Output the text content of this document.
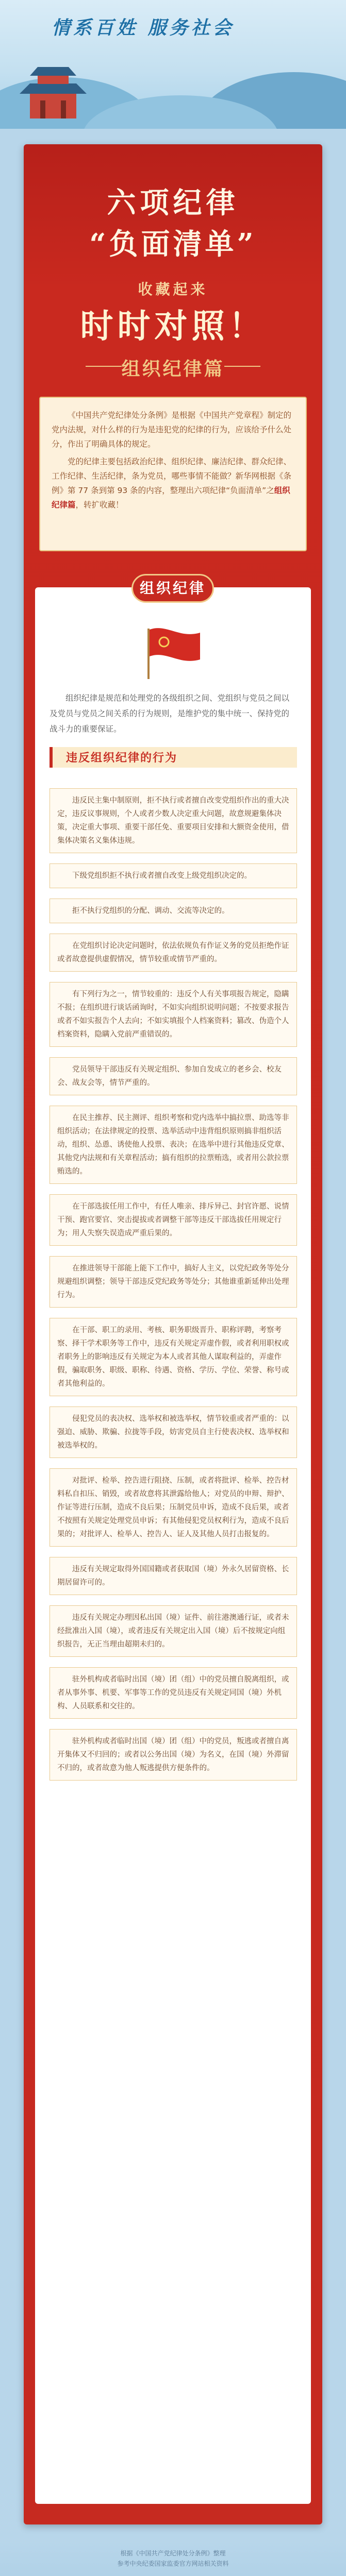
情系百姓 服务社会
六项纪律
“负面清单”
收藏起来
时时对照！
组织纪律篇

《中国共产党纪律处分条例》是根据《中国共产党章程》制定的党内法规，对什么样的行为是违犯党的纪律的行为，应该给予什么处分，作出了明确具体的规定。

党的纪律主要包括政治纪律、组织纪律、廉洁纪律、群众纪律、工作纪律、生活纪律，条为党员，哪些事情不能做？新华网根据《条例》第 77 条到第 93 条的内容，整理出六项纪律“负面清单”之组织纪律篇，转扩收藏！

组织纪律
组织纪律是规范和处理党的各级组织之间、党组织与党员之间以及党员与党员之间关系的行为规则，是维护党的集中统一、保持党的战斗力的重要保证。
违反组织纪律的行为
违反民主集中制原则，拒不执行或者擅自改变党组织作出的重大决定，违反议事规则，个人或者少数人决定重大问题，故意规避集体决策，决定重大事项、重要干部任免、重要项目安排和大额资金使用，借集体决策名义集体违规。
下级党组织拒不执行或者擅自改变上级党组织决定的。
拒不执行党组织的分配、调动、交流等决定的。
在党组织讨论决定问题时，依法依规负有作证义务的党员拒绝作证或者故意提供虚假情况，情节较重或情节严重的。
有下列行为之一，情节较重的：违反个人有关事项报告规定，隐瞒不报；在组织进行谈话函询时，不如实向组织说明问题；不按要求报告或者不如实报告个人去向；不如实填报个人档案资料；篡改、伪造个人档案资料，隐瞒入党前严重错误的。
党员领导干部违反有关规定组织、参加自发成立的老乡会、校友会、战友会等，情节严重的。
在民主推荐、民主测评、组织考察和党内选举中搞拉票、助选等非组织活动；在法律规定的投票、选举活动中违背组织原则搞非组织活动，组织、怂恿、诱使他人投票、表决；在选举中进行其他违反党章、其他党内法规和有关章程活动；搞有组织的拉票贿选，或者用公款拉票贿选的。
在干部选拔任用工作中，有任人唯亲、排斥异己、封官许愿、说情干预、跑官要官、突击提拔或者调整干部等违反干部选拔任用规定行为；用人失察失误造成严重后果的。
在推进领导干部能上能下工作中，搞好人主义，以党纪政务等处分规避组织调整；领导干部违反党纪政务等处分；其他谁重新延伸出处理行为。
在干部、职工的录用、考核、职务职级晋升、职称评聘，考察考察、择干学术职务等工作中，违反有关规定弄虚作假，或者利用职权或者职务上的影响违反有关规定为本人或者其他人谋取利益的，弄虚作假，骗取职务、职级、职称、待遇、资格、学历、学位、荣誉、称号或者其他利益的。
侵犯党员的表决权、选举权和被选举权，情节较重或者严重的：以强迫、威胁、欺骗、拉拢等手段，妨害党员自主行使表决权、选举权和被选举权的。
对批评、检举、控告进行阻挠、压制，或者将批评、检举、控告材料私自扣压、销毁，或者故意将其泄露给他人；对党员的申辩、辩护、作证等进行压制，造成不良后果；压制党员申诉，造成不良后果，或者不按照有关规定处理党员申诉；有其他侵犯党员权利行为，造成不良后果的；对批评人、检举人、控告人、证人及其他人员打击报复的。
违反有关规定取得外国国籍或者获取国（境）外永久居留资格、长期居留许可的。
违反有关规定办理因私出国（境）证件、前往港澳通行证，或者未经批准出入国（境），或者违反有关规定出入国（境）后不按规定向组织报告，无正当理由超期未归的。
驻外机构或者临时出国（境）团（组）中的党员擅自脱离组织，或者从事外事、机要、军事等工作的党员违反有关规定同国（境）外机构、人员联系和交往的。
驻外机构或者临时出国（境）团（组）中的党员，叛逃或者擅自离开集体又不归回的；或者以公务出国（境）为名义，在国（境）外滞留不归的，或者故意为他人叛逃提供方便条件的。
根据《中国共产党纪律处分条例》整理
参考中央纪委国家监委官方网站相关资料
